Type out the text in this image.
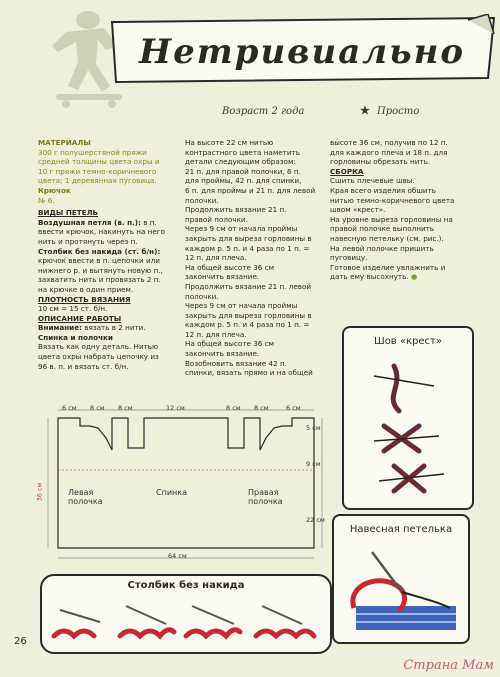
Нетривиально
Возраст 2 года	★ Просто

МАТЕРИАЛЫ

300 г полушерстяной пряжи

средней толщины цвета охры и

10 г пряжи темно-коричневого

цвета; 1 деревянная пуговица.

Крючок

№ 6.

ВИДЫ ПЕТЕЛЬ

Воздушная петля (в. п.): в п.

ввести крючок, накинуть на него

нить и протянуть через п.

Столбик без накида (ст. б/н):

крючок ввести в п. цепочки или

нижнего р. и вытянуть новую п.,

захватить нить и провязать 2 п.

на крючке в один прием.

ПЛОТНОСТЬ ВЯЗАНИЯ

10 см = 15 ст. б/н.

ОПИСАНИЕ РАБОТЫ

Внимание: вязать в 2 нити.

Спинка и полочки

Вязать как одну деталь. Нитью

цвета охры набрать цепочку из

96 в. п. и вязать ст. б/н.

На высоте 22 см нитью

контрастного цвета наметить

детали следующим образом:

21 п. для правой полочки, 6 п.

для проймы, 42 п. для спинки,

6 п. для проймы и 21 п. для левой

полочки.

Продолжить вязание 21 п.

правой полочки.

Через 9 см от начала проймы

закрыть для выреза горловины в

каждом р. 5 п. и 4 раза по 1 п. =

12 п. для плеча.

На общей высоте 36 см

закончить вязание.

Продолжить вязание 21 п. левой

полочки.

Через 9 см от начала проймы

закрыть для выреза горловины в

каждом р. 5 п. и 4 раза по 1 п. =

12 п. для плеча.

На общей высоте 36 см

закончить вязание.

Возобновить вязание 42 п.

спинки, вязать прямо и на общей

высоте 36 см, получив по 12 п.

для каждого плеча и 18 п. для

горловины обрезать нить.

СБОРКА

Сшить плечевые швы.

Края всего изделия обшить

нитью темно-коричневого цвета

швом «крест».

На уровне выреза горловины на

правой полочке выполнить

навесную петельку (см. рис.).

На левой полочке пришить

пуговицу.

Готовое изделие увлажнить и

дать ему высохнуть. ●

6 см 8 см 8 см	12 см	8 см 8 см	6 см
36 см
5 см
9 см
22 см
64 см
Левая
полочка
Спинка	Правая
полочка
Шов «крест»
Навесная петелька
Столбик без накида
26
Страна Мам
